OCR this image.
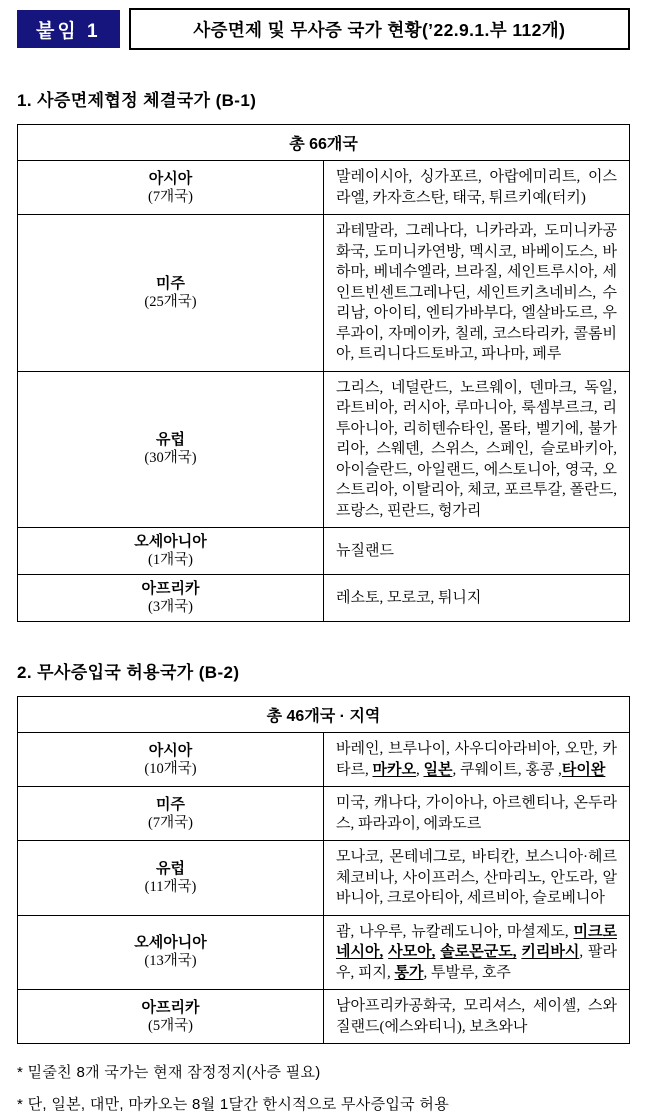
붙임 1	사증면제 및 무사증 국가 현황(’22.9.1.부 112개)
1. 사증면제협정 체결국가 (B-1)
총 66개국	

아시아
(7개국)	말레이시아, 싱가포르, 아랍에미리트, 이스라엘, 카자흐스탄, 태국, 튀르키예(터키)

미주
(25개국)	과테말라, 그레나다, 니카라과, 도미니카공화국, 도미니카연방, 멕시코, 바베이도스, 바하마, 베네수엘라, 브라질, 세인트루시아, 세인트빈센트그레나딘, 세인트키츠네비스, 수리남, 아이티, 엔티가바부다, 엘살바도르, 우루과이, 자메이카, 칠레, 코스타리카, 콜롬비아, 트리니다드토바고, 파나마, 페루

유럽
(30개국)	그리스, 네덜란드, 노르웨이, 덴마크, 독일, 라트비아, 러시아, 루마니아, 룩셈부르크, 리투아니아, 리히텐슈타인, 몰타, 벨기에, 불가리아, 스웨덴, 스위스, 스페인, 슬로바키아, 아이슬란드, 아일랜드, 에스토니아, 영국, 오스트리아, 이탈리아, 체코, 포르투갈, 폴란드, 프랑스, 핀란드, 헝가리

오세아니아
(1개국)	뉴질랜드

아프리카
(3개국)	레소토, 모로코, 튀니지
2. 무사증입국 허용국가 (B-2)
총 46개국 · 지역	

아시아
(10개국)	바레인, 브루나이, 사우디아라비아, 오만, 카타르, 마카오, 일본, 쿠웨이트, 홍콩 ,타이완

미주
(7개국)	미국, 캐나다, 가이아나, 아르헨티나, 온두라스, 파라과이, 에콰도르

유럽
(11개국)	모나코, 몬테네그로, 바티칸, 보스니아·헤르체코비나, 사이프러스, 산마리노, 안도라, 알바니아, 크로아티아, 세르비아, 슬로베니아

오세아니아
(13개국)	괌, 나우루, 뉴칼레도니아, 마셜제도, 미크로네시아, 사모아, 솔로몬군도, 키리바시, 팔라우, 피지, 통가, 투발루, 호주

아프리카
(5개국)	남아프리카공화국, 모리셔스, 세이셸, 스와질랜드(에스와티니), 보츠와나
* 밑줄친 8개 국가는 현재 잠정정지(사증 필요)
* 단, 일본, 대만, 마카오는 8월 1달간 한시적으로 무사증입국 허용
